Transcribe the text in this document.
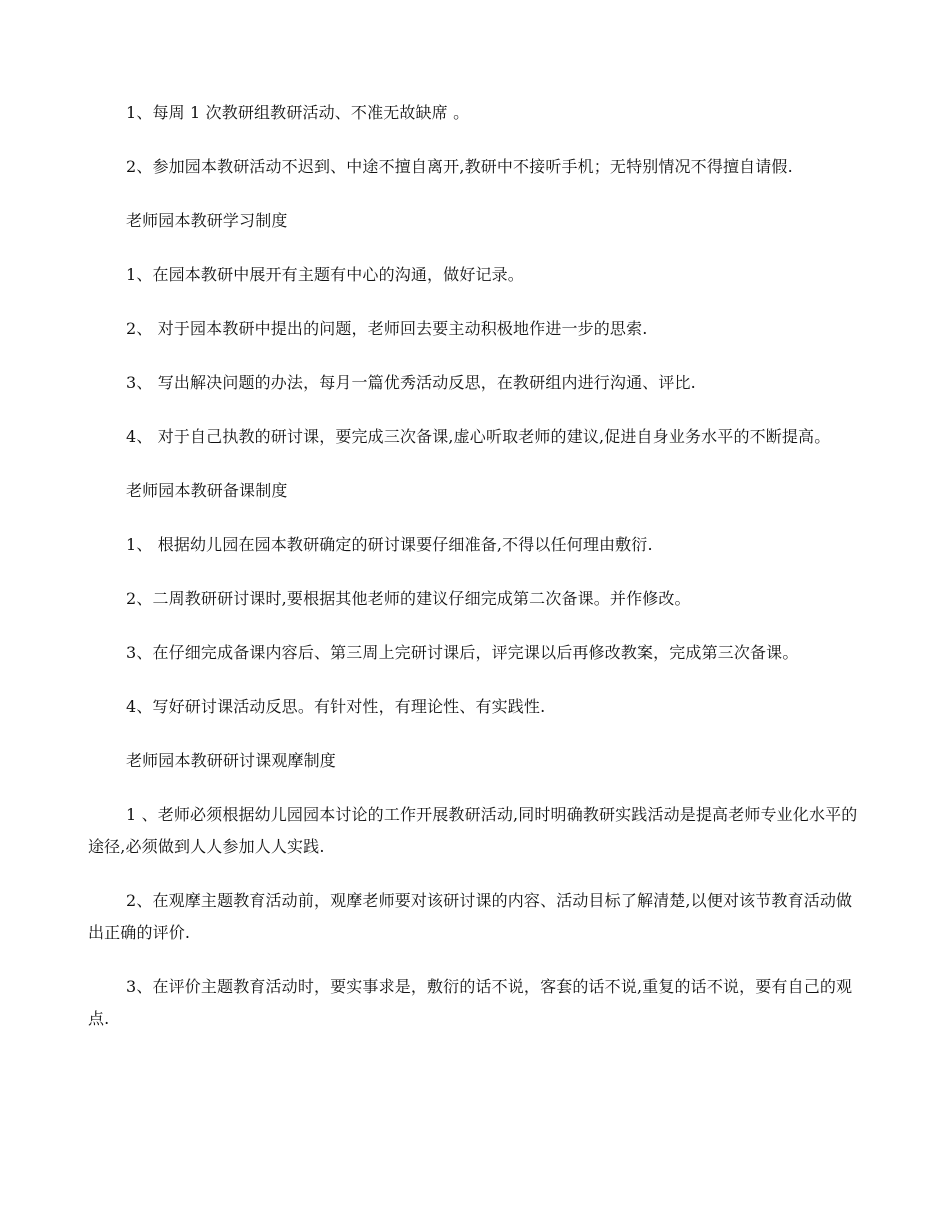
1、每周 1 次教研组教研活动、不准无故缺席 。

2、参加园本教研活动不迟到、中途不擅自离开,教研中不接听手机；无特别情况不得擅自请假.

老师园本教研学习制度

1、在园本教研中展开有主题有中心的沟通，做好记录。

2、 对于园本教研中提出的问题，老师回去要主动积极地作进一步的思索.

3、 写出解决问题的办法，每月一篇优秀活动反思，在教研组内进行沟通、评比.

4、 对于自己执教的研讨课，要完成三次备课,虚心听取老师的建议,促进自身业务水平的不断提高。

老师园本教研备课制度

1、 根据幼儿园在园本教研确定的研讨课要仔细准备,不得以任何理由敷衍.

2、二周教研研讨课时,要根据其他老师的建议仔细完成第二次备课。并作修改。

3、在仔细完成备课内容后、第三周上完研讨课后，评完课以后再修改教案，完成第三次备课。

4、写好研讨课活动反思。有针对性，有理论性、有实践性.

老师园本教研研讨课观摩制度

1 、老师必须根据幼儿园园本讨论的工作开展教研活动,同时明确教研实践活动是提高老师专业化水平的途径,必须做到人人参加人人实践.

2、在观摩主题教育活动前，观摩老师要对该研讨课的内容、活动目标了解清楚,以便对该节教育活动做出正确的评价.

3、在评价主题教育活动时，要实事求是，敷衍的话不说，客套的话不说,重复的话不说，要有自己的观点.
